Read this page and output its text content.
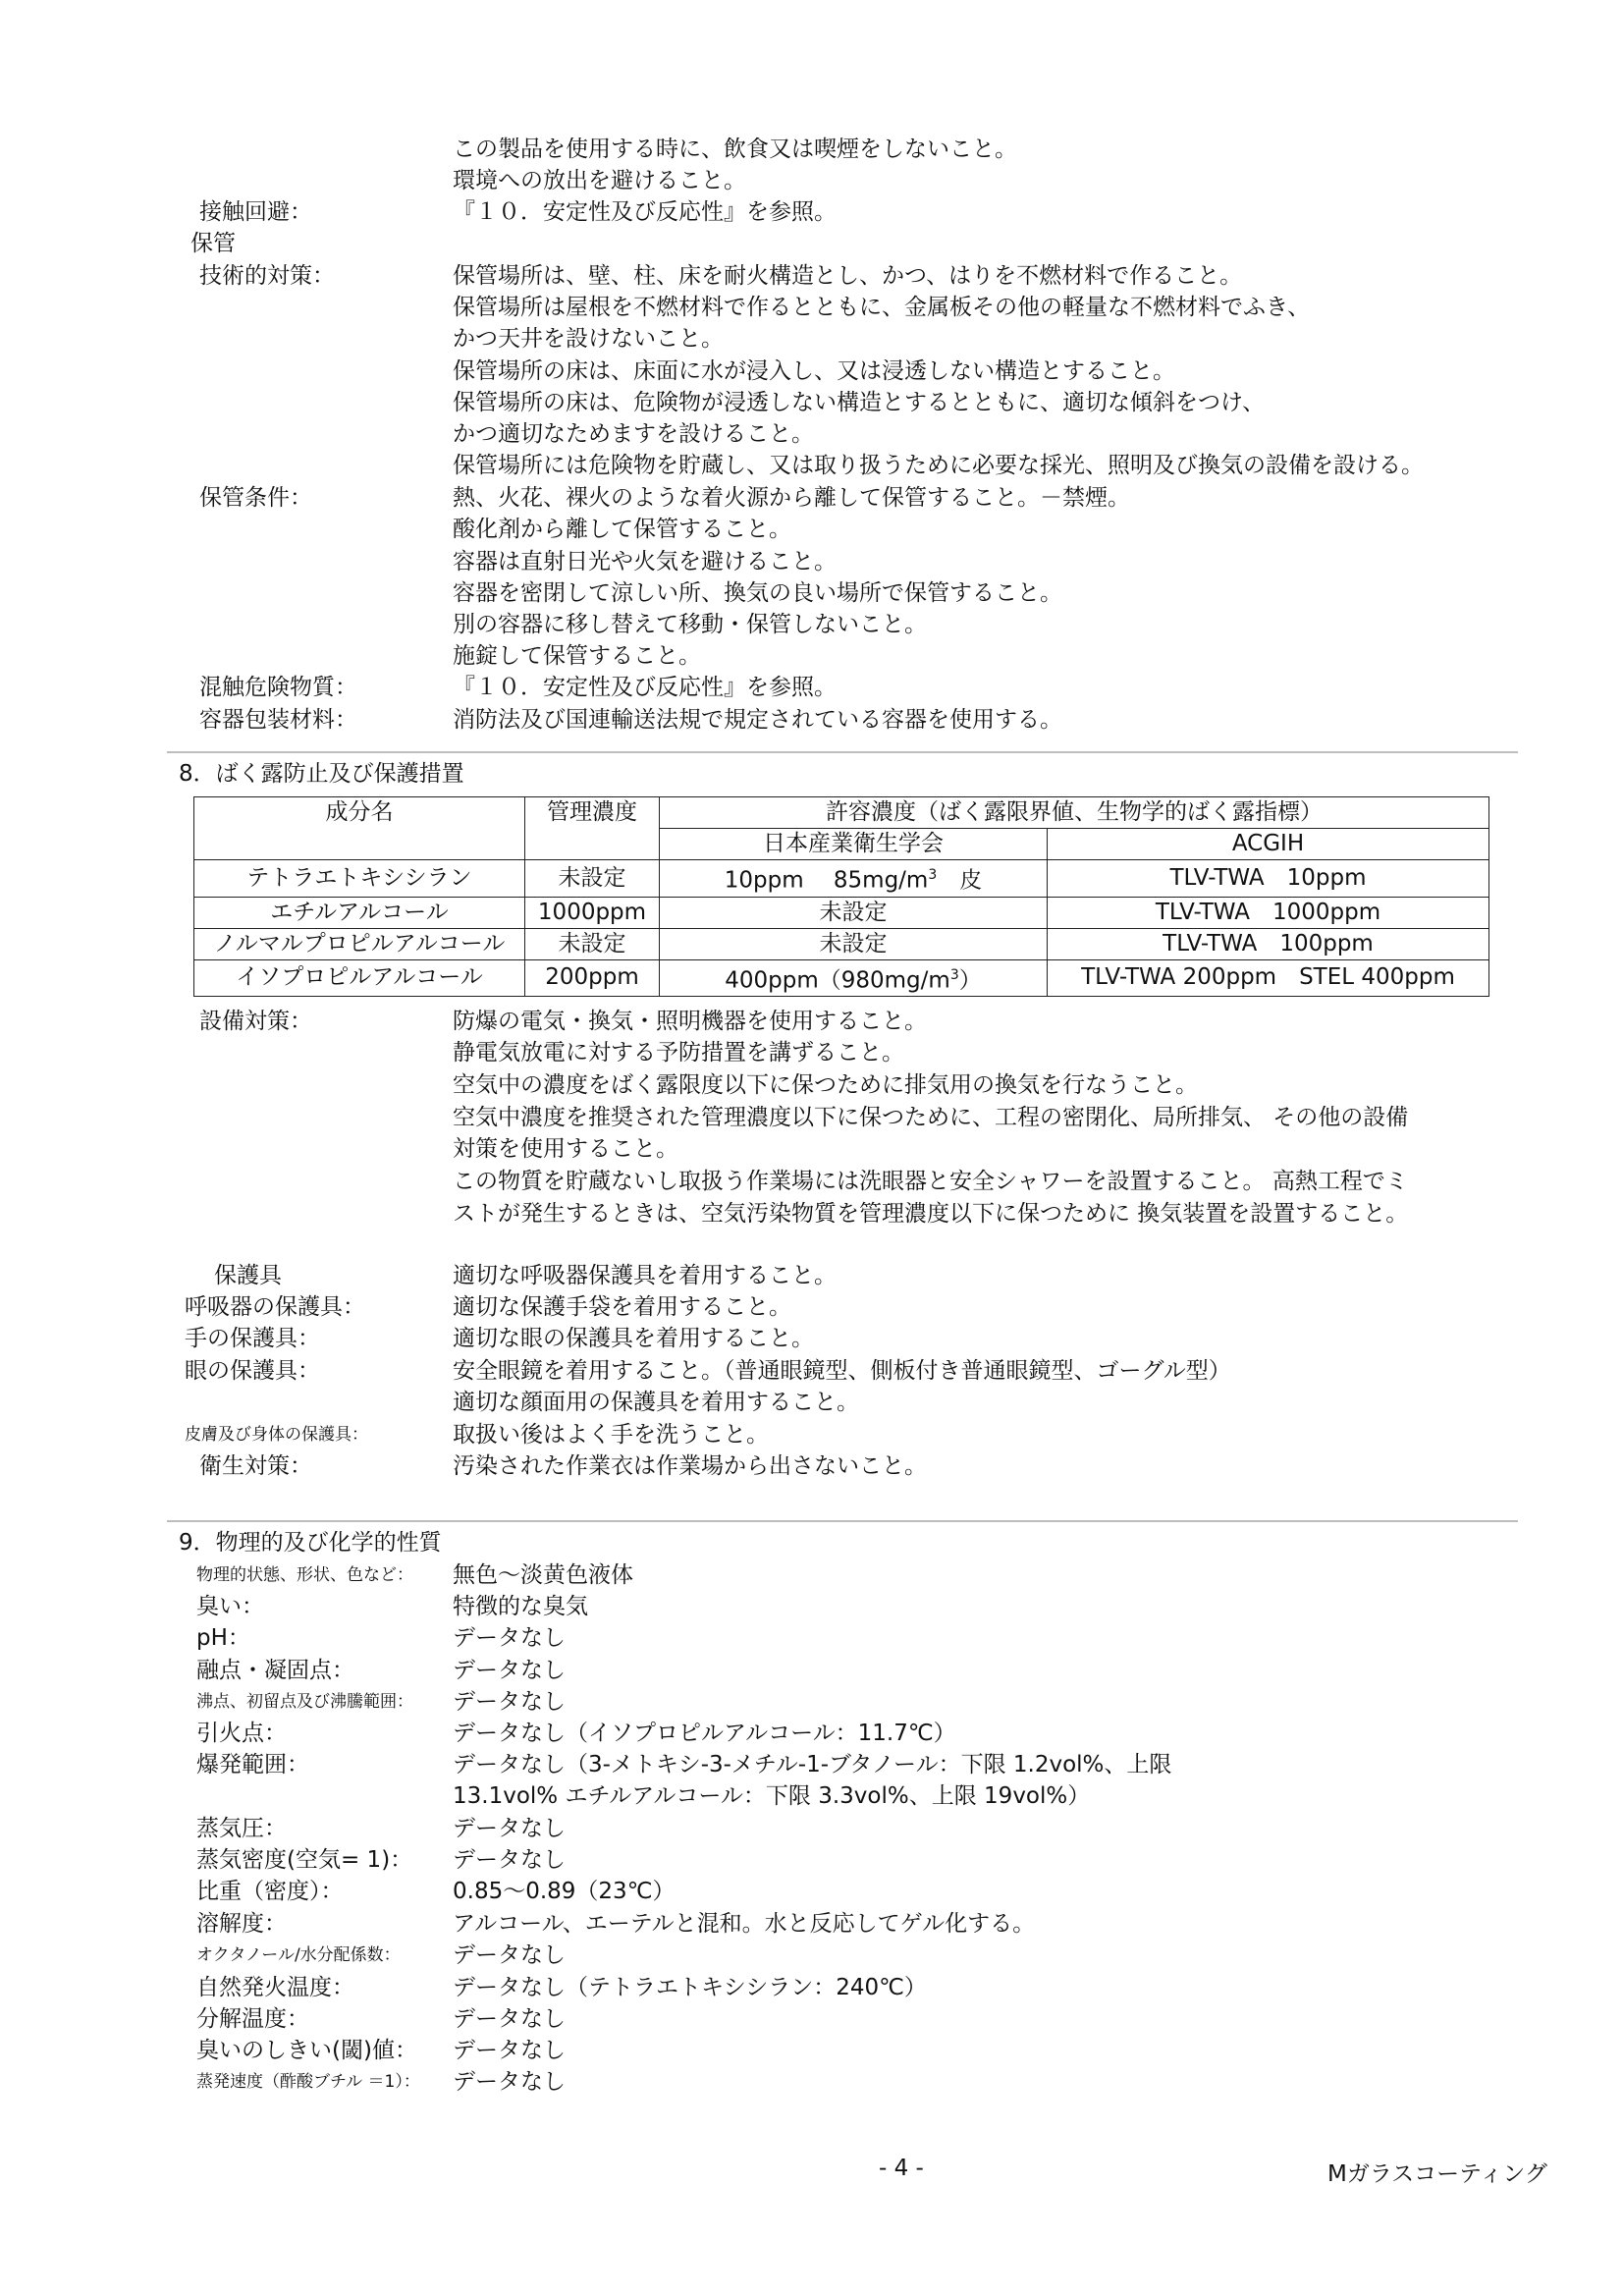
この製品を使用する時に、飲食又は喫煙をしないこと。
環境への放出を避けること。
接触回避：	『１０．安定性及び反応性』を参照。
保管
技術的対策：	保管場所は、壁、柱、床を耐火構造とし、かつ、はりを不燃材料で作ること。
保管場所は屋根を不燃材料で作るとともに、金属板その他の軽量な不燃材料でふき、
かつ天井を設けないこと。
保管場所の床は、床面に水が浸入し、又は浸透しない構造とすること。
保管場所の床は、危険物が浸透しない構造とするとともに、適切な傾斜をつけ、
かつ適切なためますを設けること。
保管場所には危険物を貯蔵し、又は取り扱うために必要な採光、照明及び換気の設備を設ける。
保管条件：	熱、火花、裸火のような着火源から離して保管すること。－禁煙。
酸化剤から離して保管すること。
容器は直射日光や火気を避けること。
容器を密閉して涼しい所、換気の良い場所で保管すること。
別の容器に移し替えて移動・保管しないこと。
施錠して保管すること。
混触危険物質：	『１０．安定性及び反応性』を参照。
容器包装材料：	消防法及び国連輸送法規で規定されている容器を使用する。
8．ばく露防止及び保護措置
成分名	管理濃度	許容濃度（ばく露限界値、生物学的ばく露指標）	
		日本産業衛生学会	ACGIH
テトラエトキシシラン	未設定	10ppm　 $85mg/m^3$　皮	TLV-TWA　10ppm
エチルアルコール	1000ppm	未設定	TLV-TWA　1000ppm
ノルマルプロピルアルコール	未設定	未設定	TLV-TWA　100ppm
イソプロピルアルコール	200ppm	$400ppm(980mg/m^3)$	TLV-TWA 200ppm　STEL 400ppm
設備対策：	防爆の電気・換気・照明機器を使用すること。
静電気放電に対する予防措置を講ずること。
空気中の濃度をばく露限度以下に保つために排気用の換気を行なうこと。
空気中濃度を推奨された管理濃度以下に保つために、工程の密閉化、局所排気、 その他の設備
対策を使用すること。
この物質を貯蔵ないし取扱う作業場には洗眼器と安全シャワーを設置すること。 高熱工程でミ
ストが発生するときは、空気汚染物質を管理濃度以下に保つために 換気装置を設置すること。
保護具	適切な呼吸器保護具を着用すること。
呼吸器の保護具：	適切な保護手袋を着用すること。
手の保護具：	適切な眼の保護具を着用すること。
眼の保護具：	安全眼鏡を着用すること。（普通眼鏡型、側板付き普通眼鏡型、ゴーグル型）
適切な顔面用の保護具を着用すること。
皮膚及び身体の保護具：	取扱い後はよく手を洗うこと。
衛生対策：	汚染された作業衣は作業場から出さないこと。
9．物理的及び化学的性質
物理的状態、形状、色など： 無色～淡黄色液体
臭い：	特徴的な臭気
pH：	データなし
融点・凝固点：	データなし
沸点、初留点及び沸騰範囲： データなし
引火点：	データなし（イソプロピルアルコール：11.7℃）
爆発範囲：	データなし（3-メトキシ-3-メチル-1-ブタノール：下限 1.2vol%、上限
13.1vol% エチルアルコール：下限 3.3vol%、上限 19vol%）
蒸気圧：	データなし
蒸気密度(空気= 1)： データなし
比重（密度）：	0.85～0.89（23℃）
溶解度：	アルコール、エーテルと混和。水と反応してゲル化する。
オクタノール/水分配係数： データなし
自然発火温度：	データなし（テトラエトキシシラン：240℃）
分解温度：	データなし
臭いのしきい(閾)値： データなし
蒸発速度（酢酸ブチル ＝1）： データなし
- 4 -	Mガラスコーティング
